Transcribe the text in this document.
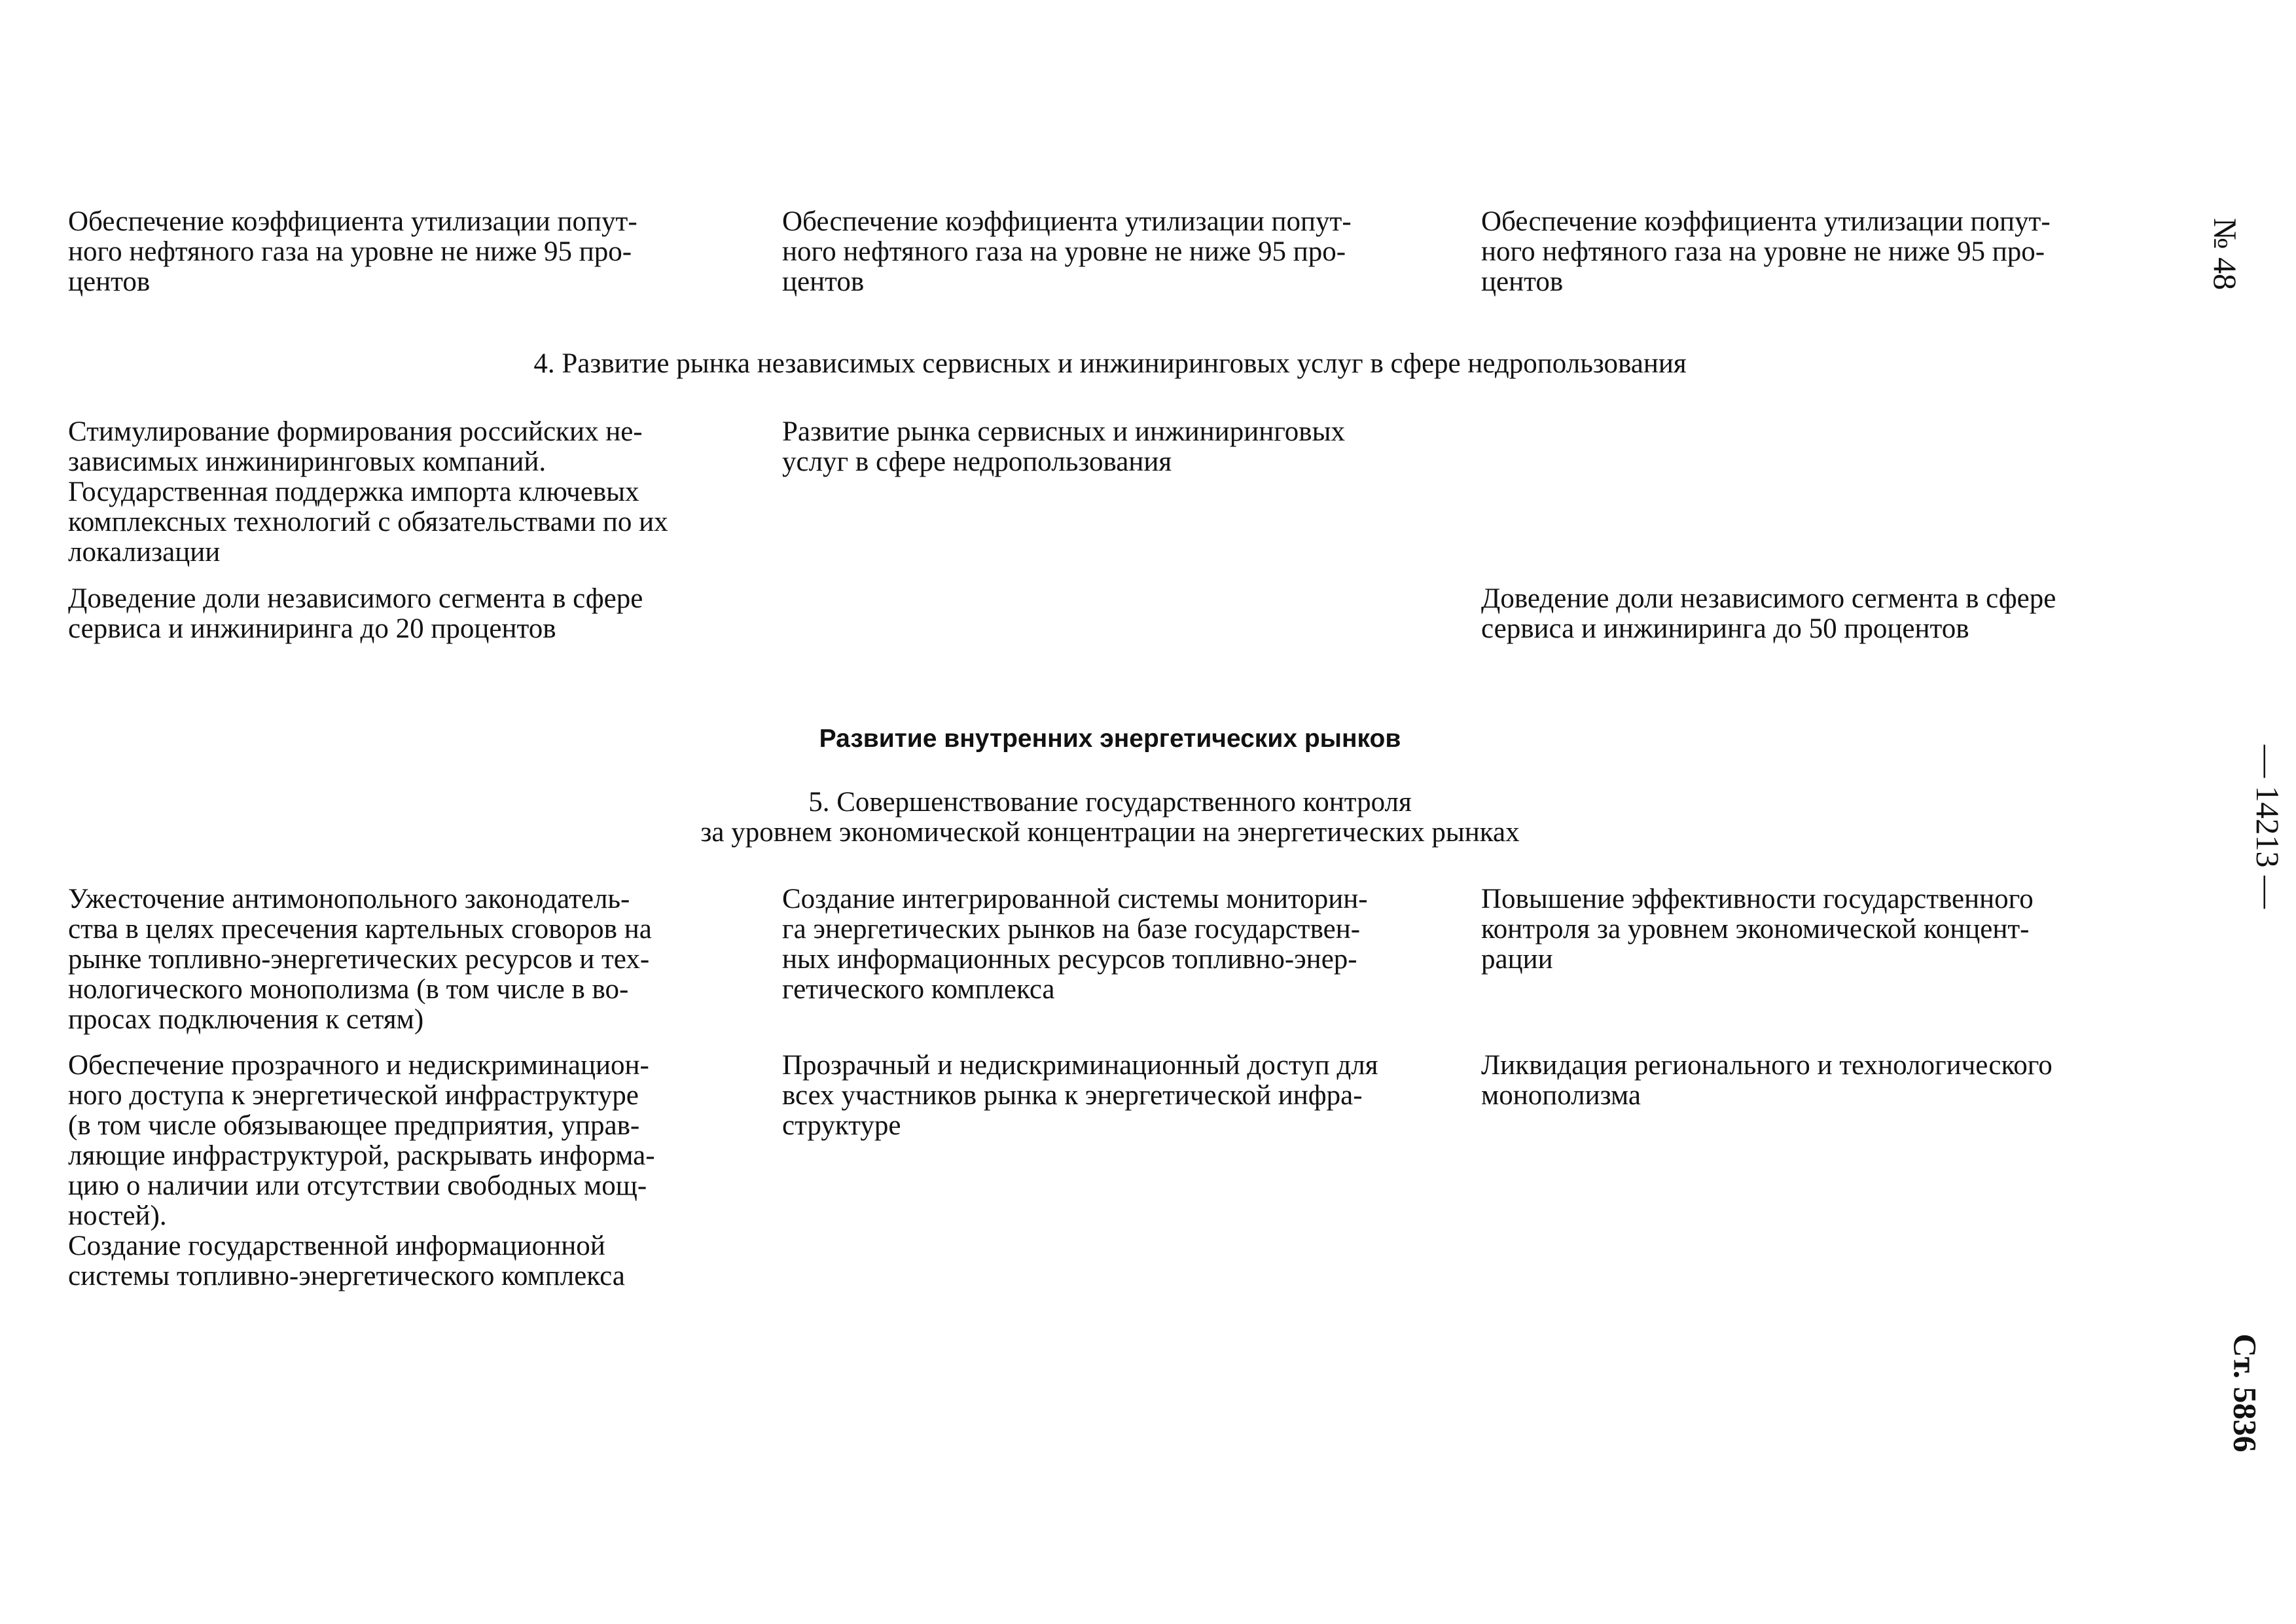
Обеспечение коэффициента утилизации попут-
ного нефтяного газа на уровне не ниже 95 про-
центов

Обеспечение коэффициента утилизации попут-
ного нефтяного газа на уровне не ниже 95 про-
центов

Обеспечение коэффициента утилизации попут-
ного нефтяного газа на уровне не ниже 95 про-
центов

4. Развитие рынка независимых сервисных и инжиниринговых услуг в сфере недропользования

Стимулирование формирования российских не-
зависимых инжиниринговых компаний.
Государственная поддержка импорта ключевых
комплексных технологий с обязательствами по их
локализации

Развитие рынка сервисных и инжиниринговых
услуг в сфере недропользования

Доведение доли независимого сегмента в сфере
сервиса и инжиниринга до 20 процентов

Доведение доли независимого сегмента в сфере
сервиса и инжиниринга до 50 процентов

Развитие внутренних энергетических рынков

5. Совершенствование государственного контроля
за уровнем экономической концентрации на энергетических рынках

Ужесточение антимонопольного законодатель-
ства в целях пресечения картельных сговоров на
рынке топливно-энергетических ресурсов и тех-
нологического монополизма (в том числе в во-
просах подключения к сетям)

Создание интегрированной системы мониторин-
га энергетических рынков на базе государствен-
ных информационных ресурсов топливно-энер-
гетического комплекса

Повышение эффективности государственного
контроля за уровнем экономической концент-
рации

Обеспечение прозрачного и недискриминацион-
ного доступа к энергетической инфраструктуре
(в том числе обязывающее предприятия, управ-
ляющие инфраструктурой, раскрывать информа-
цию о наличии или отсутствии свободных мощ-
ностей).
Создание государственной информационной
системы топливно-энергетического комплекса

Прозрачный и недискриминационный доступ для
всех участников рынка к энергетической инфра-
структуре

Ликвидация регионального и технологического
монополизма

№ 48
— 14213 —
Ст. 5836
